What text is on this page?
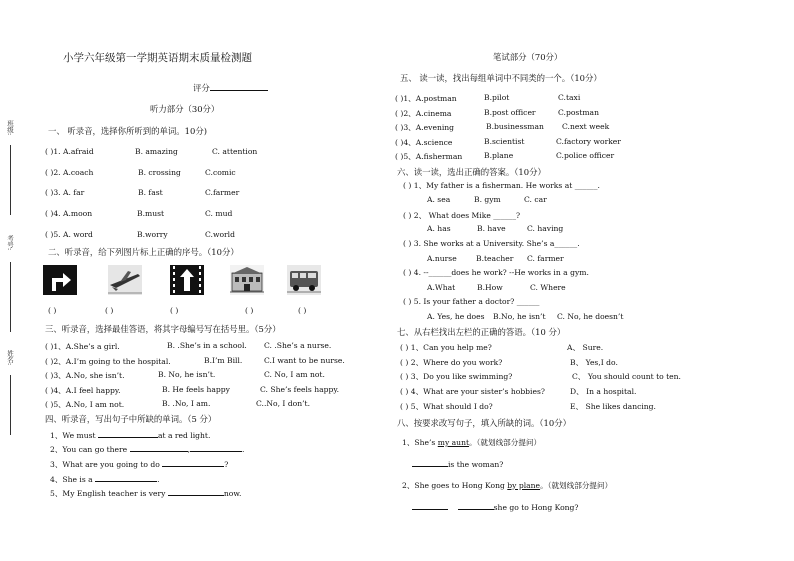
班级:
考号:
姓名:
小学六年级第一学期英语期末质量检测题
评分
听力部分（30分）
一、 听录音，选择你所听到的单词。10分)
( )1. A.afraid	B. amazing	C. attention
( )2. A.coach	B. crossing	C.comic
( )3. A. far	B. fast	C.farmer
( )4. A.moon	B.must	C. mud
( )5. A. word	B.worry	C.world
二、听录音，给下列图片标上正确的序号。（10分）
( )	( )	( )	( )	( )
三、听录音，选择最佳答语，将其字母编号写在括号里。（5分）
( )1、A.She’s a girl.	B. .She’s in a school. C. .She’s a nurse.
( )2、A.I’m going to the hospital.	B.I’m Bill.	C.I want to be nurse.
( )3、A.No, she isn’t.	B. No, he isn’t.	C. No, I am not.
( )4、A.I feel happy.	B. He feels happy	C. She’s feels happy.
( )5、A.No, I am not.	B. .No, I am.	C..No, I don’t.
四、听录音，写出句子中所缺的单词。（5 分）
1、We must	at a red light.
2、You can go there	,	.
3、What are you going to do	?
4、She is a	.
5、My English teacher is very	now.
笔试部分（70分）
五、 读一读，找出每组单词中不同类的一个。（10分）
( )1、A.postman	B.pilot	C.taxi
( )2、A.cinema	B.post officer	C.postman
( )3、A.evening	B.businessman C.next week
( )4、A.science	B.scientist	C.factory worker
( )5、A.fisherman	B.plane	C.police officer
六、读一读，选出正确的答案。（10分）
( ) 1、My father is a fisherman. He works at ______.
A. sea	B. gym	C. car
( ) 2、 What does Mike ______?
A. has	B. have	C. having
( ) 3. She works at a University. She’s a______.
A.nurse	B.teacher C. farmer
( ) 4. --______does he work? --He works in a gym.
A.What	B.How	C. Where
( ) 5. Is your father a doctor? ______
A. Yes, he does B.No, he isn’t C. No, he doesn’t
七、从右栏找出左栏的正确的答语。（10 分）
( ) 1、Can you help me?	A、 Sure.
( ) 2、Where do you work?	B、 Yes,I do.
( ) 3、Do you like swimming?	C、 You should count to ten.
( ) 4、What are your sister’s hobbies?	D、 In a hospital.
( ) 5、What should I do?	E、 She likes dancing.
八、按要求改写句子，填入所缺的词。（10分）
1、She’s my aunt。（就划线部分提问）
is the woman?
2、She goes to Hong Kong by plane。（就划线部分提问）
she go to Hong Kong?
